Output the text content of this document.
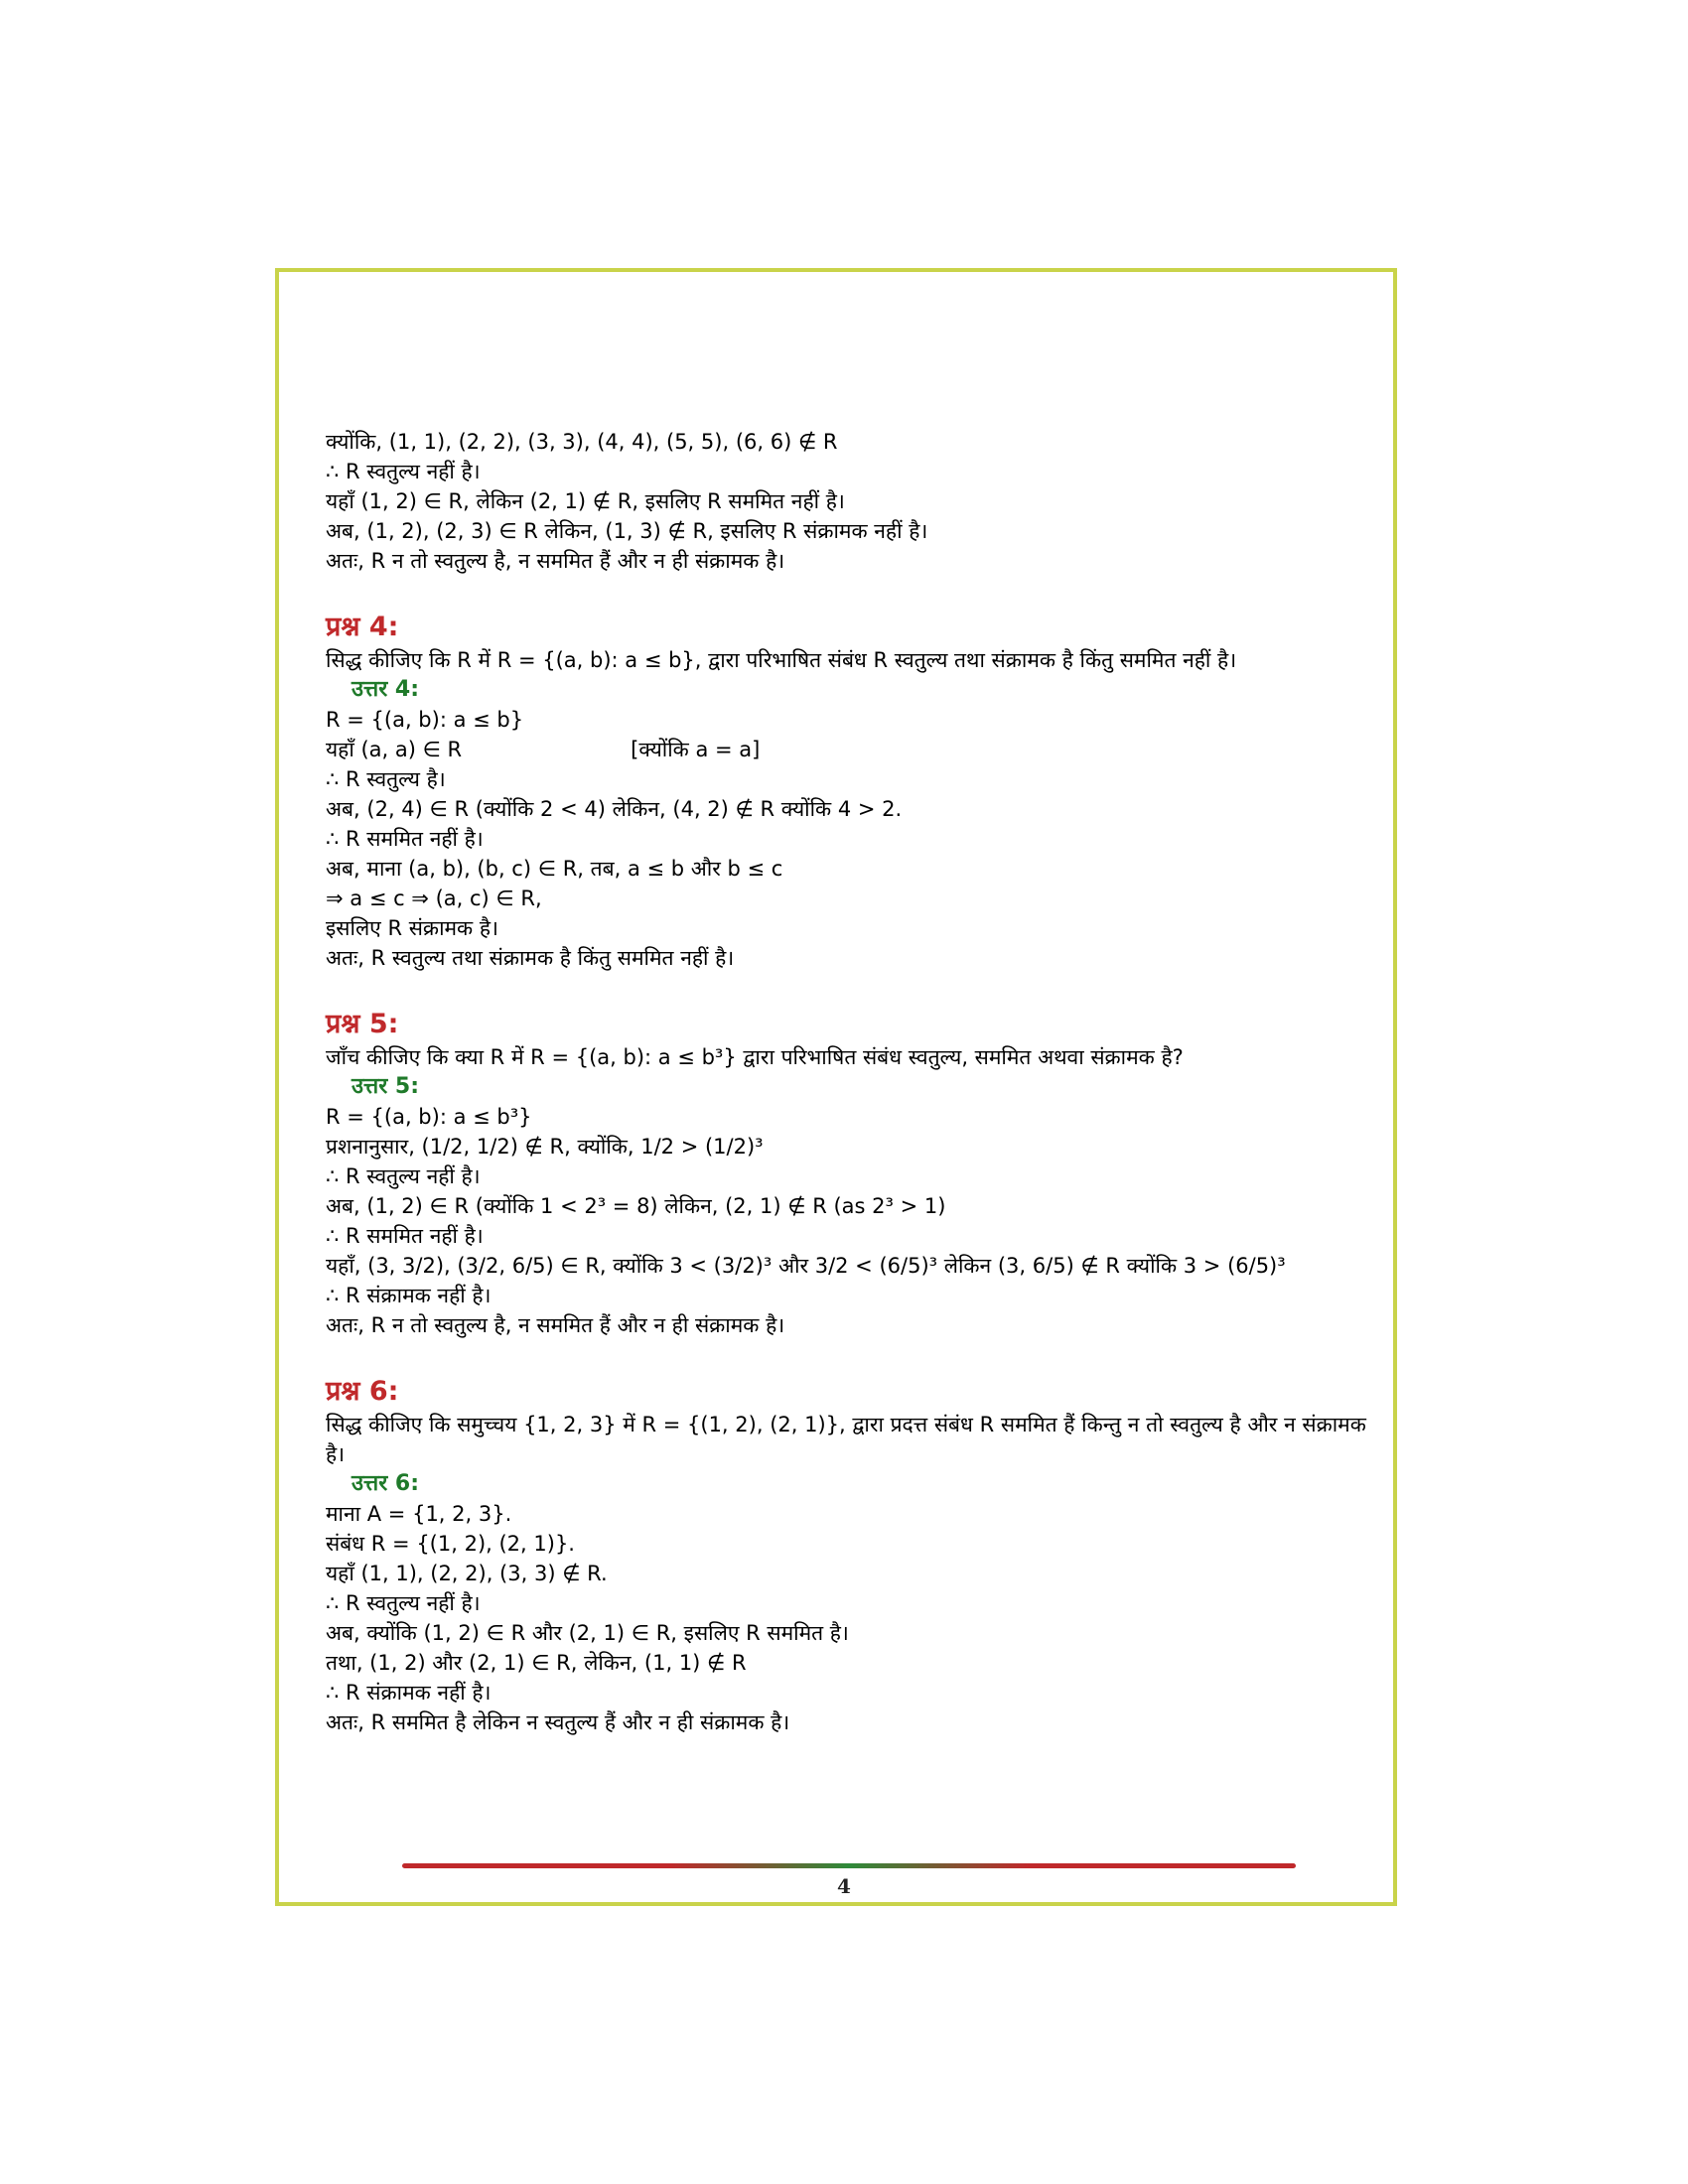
क्योंकि, (1, 1), (2, 2), (3, 3), (4, 4), (5, 5), (6, 6) ∉ R
∴ R स्वतुल्य नहीं है।
यहाँ (1, 2) ∈ R, लेकिन (2, 1) ∉ R, इसलिए R सममित नहीं है।
अब, (1, 2), (2, 3) ∈ R लेकिन, (1, 3) ∉ R, इसलिए R संक्रामक नहीं है।
अतः, R न तो स्वतुल्य है, न सममित हैं और न ही संक्रामक है।
प्रश्न 4:
सिद्ध कीजिए कि R में R = {(a, b): a ≤ b}, द्वारा परिभाषित संबंध R स्वतुल्य तथा संक्रामक है किंतु सममित नहीं है।
उत्तर 4:
R = {(a, b): a ≤ b}
यहाँ (a, a) ∈ R	[क्योंकि a = a]
∴ R स्वतुल्य है।
अब, (2, 4) ∈ R (क्योंकि 2 < 4) लेकिन, (4, 2) ∉ R क्योंकि 4 > 2.
∴ R सममित नहीं है।
अब, माना (a, b), (b, c) ∈ R, तब, a ≤ b और b ≤ c
⇒ a ≤ c ⇒ (a, c) ∈ R,
इसलिए R संक्रामक है।
अतः, R स्वतुल्य तथा संक्रामक है किंतु सममित नहीं है।
प्रश्न 5:
जाँच कीजिए कि क्या R में R = {(a, b): a ≤ b³} द्वारा परिभाषित संबंध स्वतुल्य, सममित अथवा संक्रामक है?
उत्तर 5:
R = {(a, b): a ≤ b³}
प्रशनानुसार, (1/2, 1/2) ∉ R, क्योंकि, 1/2 > (1/2)³
∴ R स्वतुल्य नहीं है।
अब, (1, 2) ∈ R (क्योंकि 1 < 2³ = 8) लेकिन, (2, 1) ∉ R (as 2³ > 1)
∴ R सममित नहीं है।
यहाँ, (3, 3/2), (3/2, 6/5) ∈ R, क्योंकि 3 < (3/2)³ और 3/2 < (6/5)³ लेकिन (3, 6/5) ∉ R क्योंकि 3 > (6/5)³
∴ R संक्रामक नहीं है।
अतः, R न तो स्वतुल्य है, न सममित हैं और न ही संक्रामक है।
प्रश्न 6:
सिद्ध कीजिए कि समुच्चय {1, 2, 3} में R = {(1, 2), (2, 1)}, द्वारा प्रदत्त संबंध R सममित हैं किन्तु न तो स्वतुल्य है और न संक्रामक है।
उत्तर 6:
माना A = {1, 2, 3}.
संबंध R = {(1, 2), (2, 1)}.
यहाँ (1, 1), (2, 2), (3, 3) ∉ R.
∴ R स्वतुल्य नहीं है।
अब, क्योंकि (1, 2) ∈ R और (2, 1) ∈ R, इसलिए R सममित है।
तथा, (1, 2) और (2, 1) ∈ R, लेकिन, (1, 1) ∉ R
∴ R संक्रामक नहीं है।
अतः, R सममित है लेकिन न स्वतुल्य हैं और न ही संक्रामक है।
4
